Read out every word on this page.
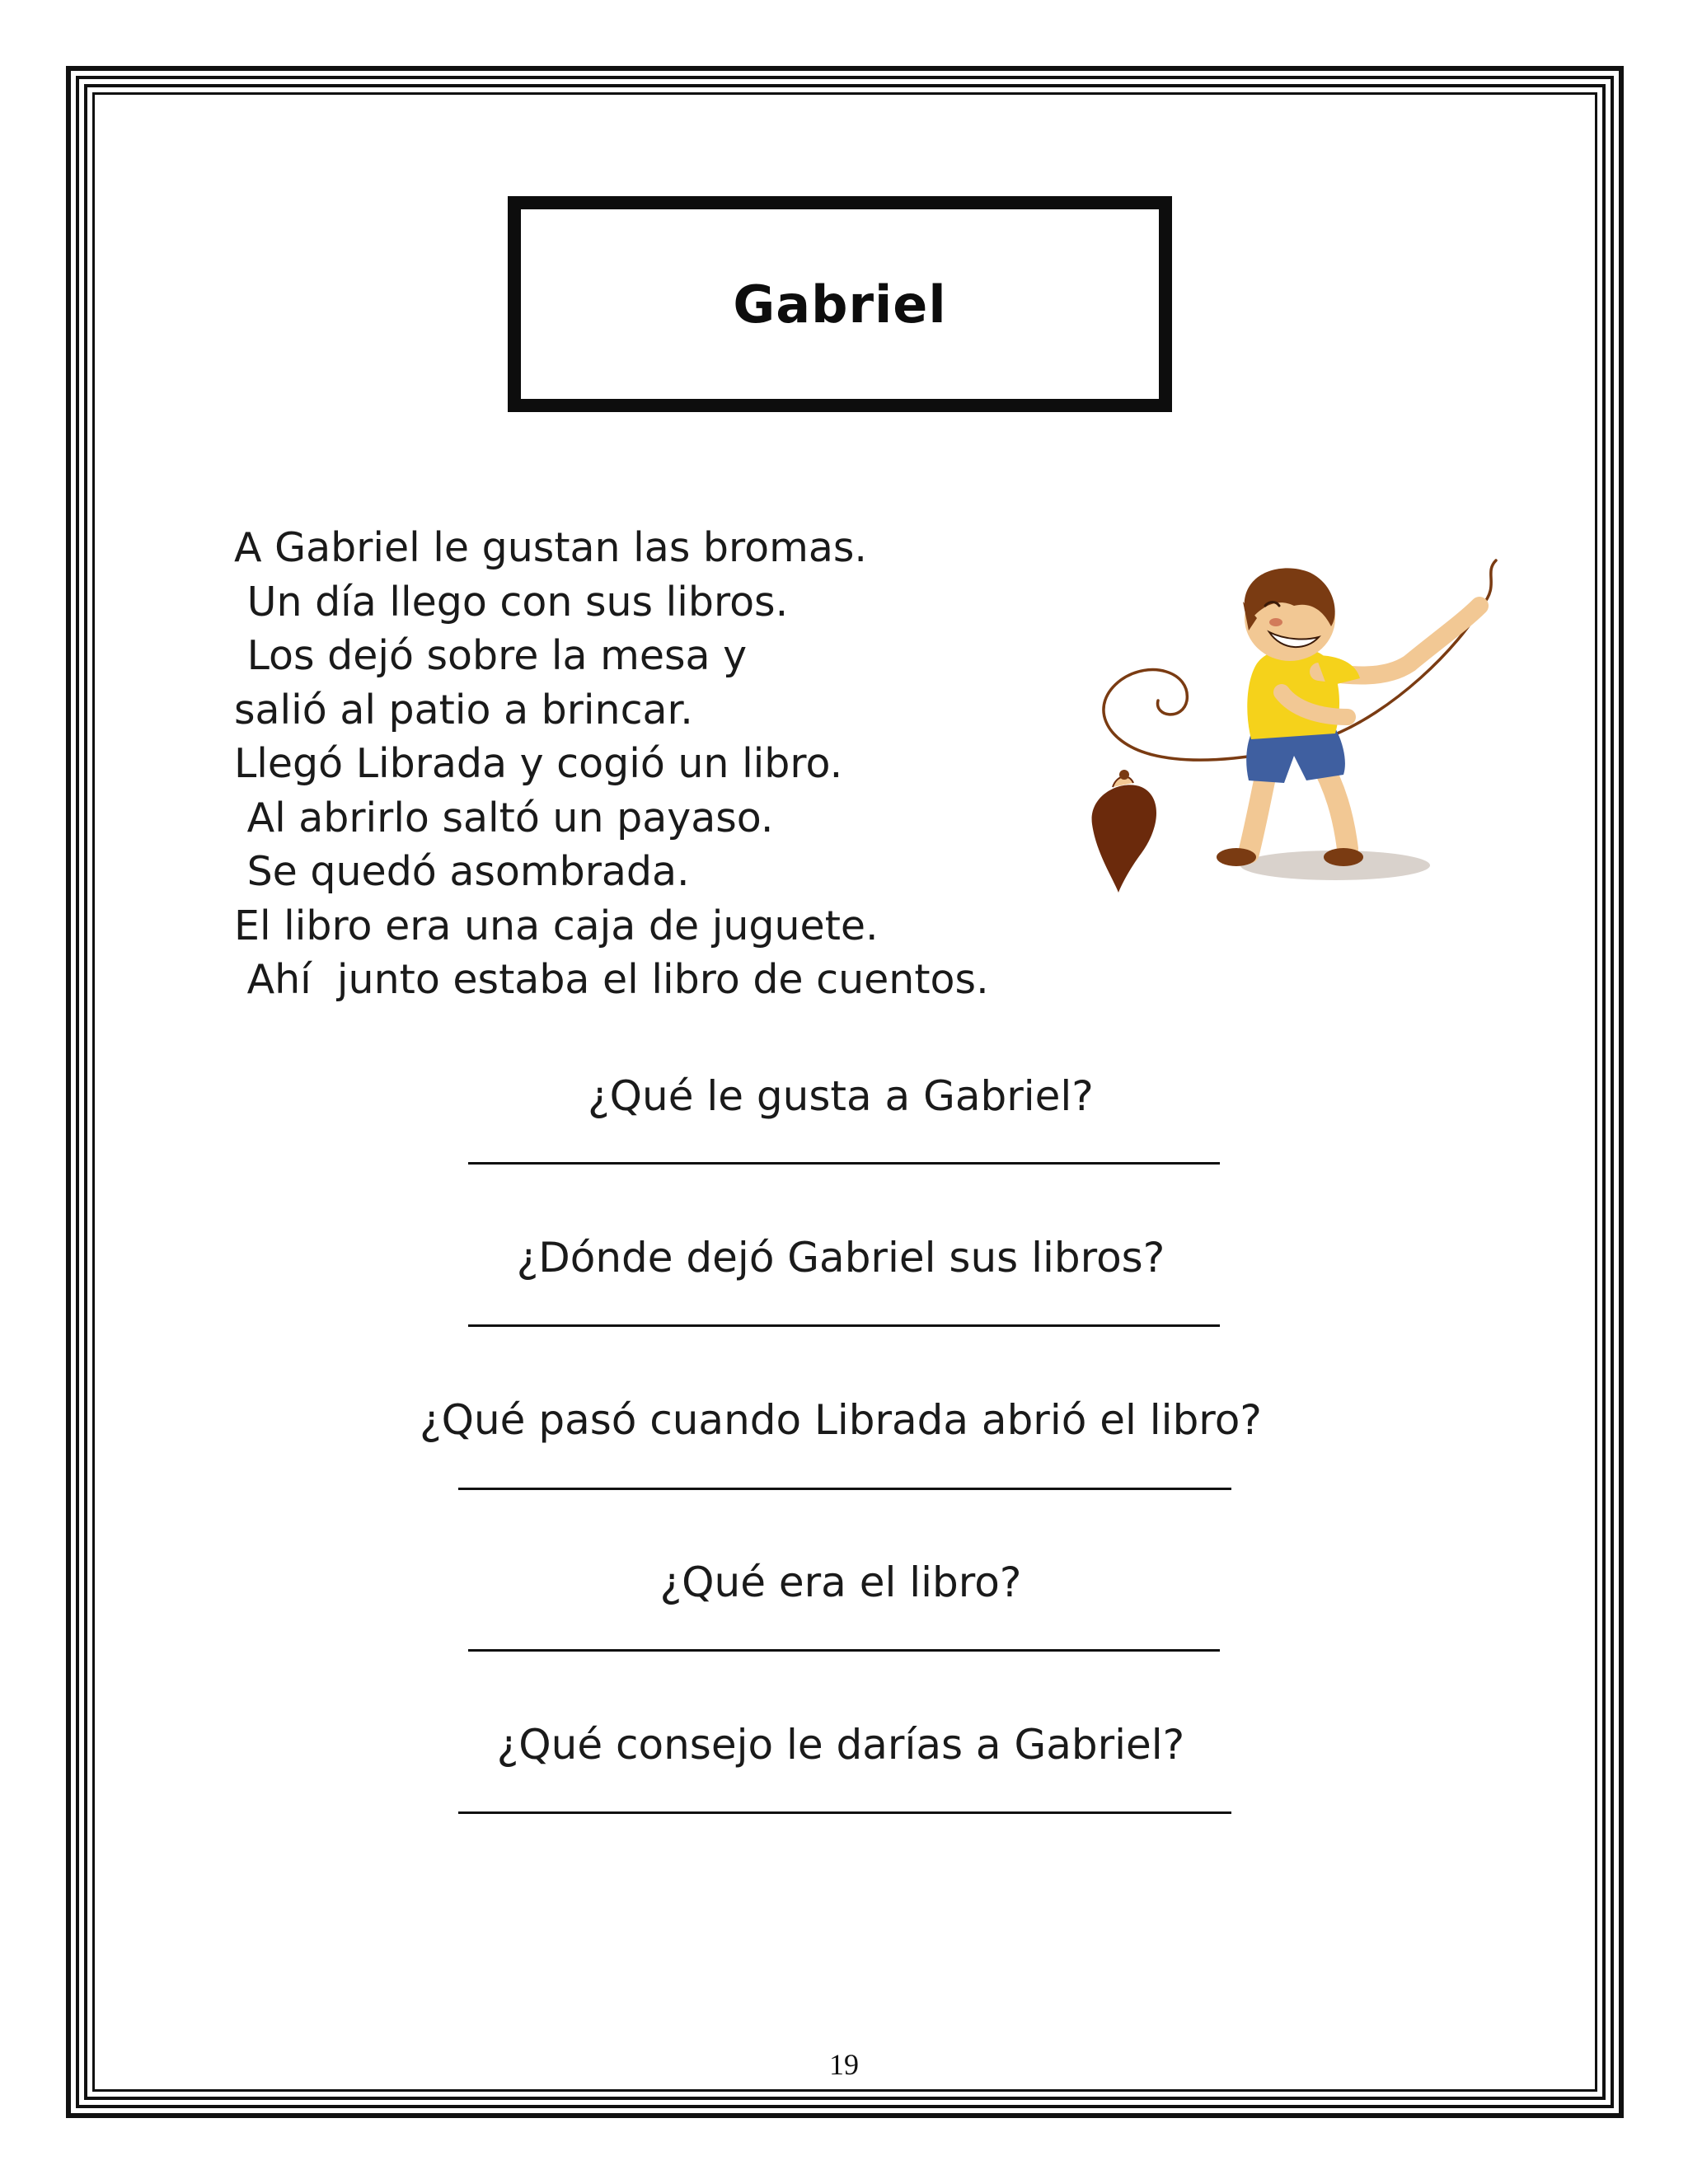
Gabriel
A Gabriel le gustan las bromas.
Un día llego con sus libros.
Los dejó sobre la mesa y
salió al patio a brincar.
Llegó Librada y cogió un libro.
Al abrirlo saltó un payaso.
Se quedó asombrada.
El libro era una caja de juguete.
Ahí  junto estaba el libro de cuentos.
¿Qué le gusta a Gabriel?
¿Dónde dejó Gabriel sus libros?
¿Qué pasó cuando Librada abrió el libro?
¿Qué era el libro?
¿Qué consejo le darías a Gabriel?
19
